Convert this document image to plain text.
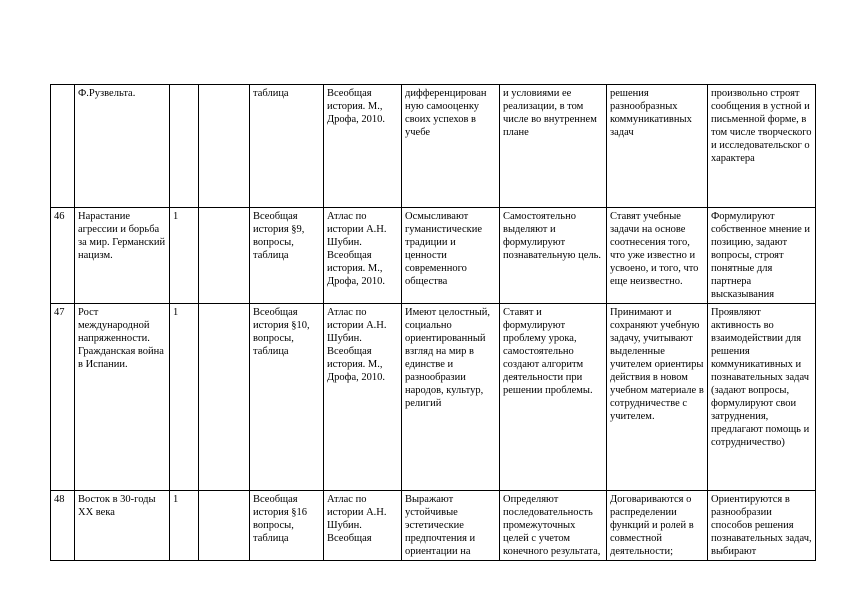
	Ф.Рузвельта.			таблица	Всеобщая история. М., Дрофа, 2010.	дифференцирован ную самооценку своих успехов в учебе	и условиями ее реализации, в том числе во внутреннем плане	решения разнообразных коммуникативных задач	произвольно строят сообщения в устной и письменной форме, в том числе творческого и исследовательског о характера
46	Нарастание агрессии и борьба за мир. Германский нацизм.	1		Всеобщая история §9, вопросы, таблица	Атлас по истории А.Н. Шубин. Всеобщая история. М., Дрофа, 2010.	Осмысливают гуманистические традиции и ценности современного общества	Самостоятельно выделяют и формулируют познавательную цель.	Ставят учебные задачи на основе соотнесения того, что уже известно и усвоено, и того, что еще неизвестно.	Формулируют собственное мнение и позицию, задают вопросы, строят понятные для партнера высказывания
47	Рост международной напряженности. Гражданская война в Испании.	1		Всеобщая история §10, вопросы, таблица	Атлас по истории А.Н. Шубин. Всеобщая история. М., Дрофа, 2010.	Имеют целостный, социально ориентированный взгляд на мир в единстве и разнообразии народов, культур, религий	Ставят и формулируют проблему урока, самостоятельно создают алгоритм деятельности при решении проблемы.	Принимают и сохраняют учебную задачу, учитывают выделенные учителем ориентиры действия в новом учебном материале в сотрудничестве с учителем.	Проявляют активность во взаимодействии для решения коммуникативных и познавательных задач (задают вопросы, формулируют свои затруднения, предлагают помощь и сотрудничество)
48	Восток в 30-годы XX века	1		Всеобщая история §16 вопросы, таблица	Атлас по истории А.Н. Шубин. Всеобщая	Выражают устойчивые эстетические предпочтения и ориентации на	Определяют последовательность промежуточных целей с учетом конечного результата,	Договариваются о распределении функций и ролей в совместной деятельности;	Ориентируются в разнообразии способов решения познавательных задач, выбирают
